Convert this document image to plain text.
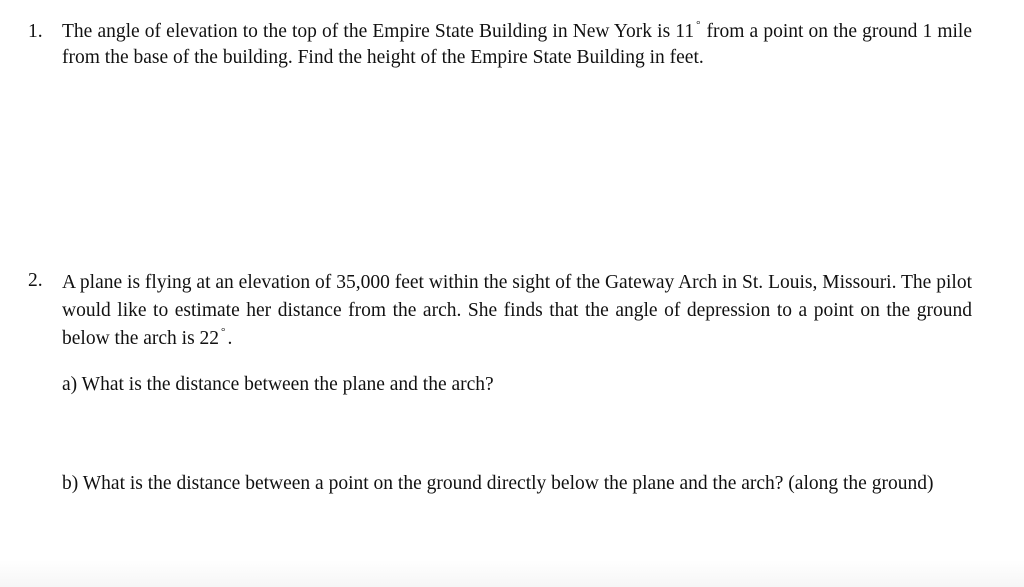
1. The angle of elevation to the top of the Empire State Building in New York is 11 ° from a point on the ground 1 mile from the base of the building. Find the height of the Empire State Building in feet.

2. A plane is flying at an elevation of 35,000 feet within the sight of the Gateway Arch in St. Louis, Missouri. The pilot would like to estimate her distance from the arch. She finds that the angle of depression to a point on the ground below the arch is 22 ° .

a) What is the distance between the plane and the arch?

b) What is the distance between a point on the ground directly below the plane and the arch? (along the ground)
